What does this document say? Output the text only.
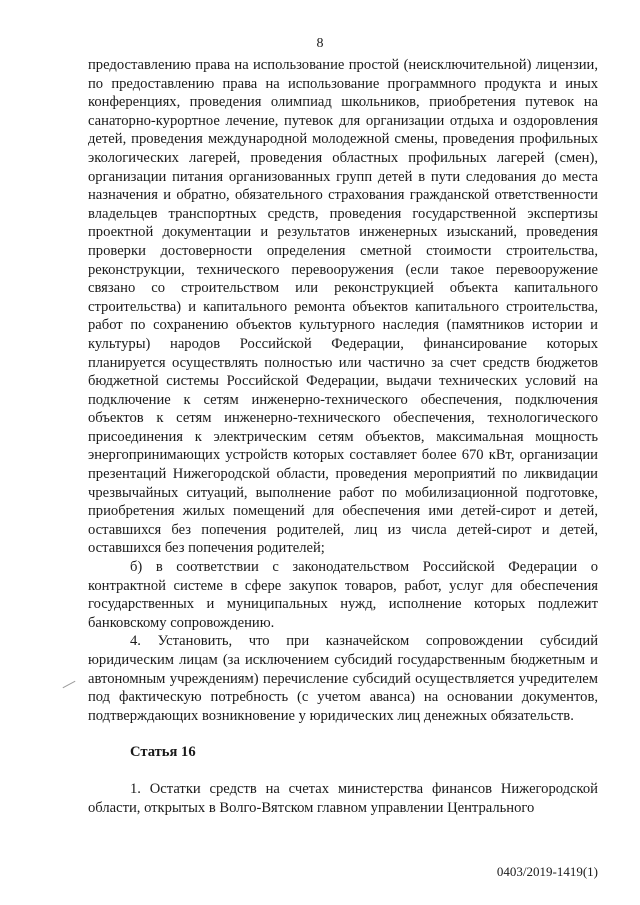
8

предоставлению права на использование простой (неисключительной) лицензии, по предоставлению права на использование программного продукта и иных конференциях, проведения олимпиад школьников, приобретения путевок на санаторно-курортное лечение, путевок для организации отдыха и оздоровления детей, проведения международной молодежной смены, проведения профильных экологических лагерей, проведения областных профильных лагерей (смен), организации питания организованных групп детей в пути следования до места назначения и обратно, обязательного страхования гражданской ответственности владельцев транспортных средств, проведения государственной экспертизы проектной документации и результатов инженерных изысканий, проведения проверки достоверности определения сметной стоимости строительства, реконструкции, технического перевооружения (если такое перевооружение связано со строительством или реконструкцией объекта капитального строительства) и капитального ремонта объектов капитального строительства, работ по сохранению объектов культурного наследия (памятников истории и культуры) народов Российской Федерации, финансирование которых планируется осуществлять полностью или частично за счет средств бюджетов бюджетной системы Российской Федерации, выдачи технических условий на подключение к сетям инженерно-технического обеспечения, подключения объектов к сетям инженерно-технического обеспечения, технологического присоединения к электрическим сетям объектов, максимальная мощность энергопринимающих устройств которых составляет более 670 кВт, организации презентаций Нижегородской области, проведения мероприятий по ликвидации чрезвычайных ситуаций, выполнение работ по мобилизационной подготовке, приобретения жилых помещений для обеспечения ими детей-сирот и детей, оставшихся без попечения родителей, лиц из числа детей-сирот и детей, оставшихся без попечения родителей;

б) в соответствии с законодательством Российской Федерации о контрактной системе в сфере закупок товаров, работ, услуг для обеспечения государственных и муниципальных нужд, исполнение которых подлежит банковскому сопровождению.

4. Установить, что при казначейском сопровождении субсидий юридическим лицам (за исключением субсидий государственным бюджетным и автономным учреждениям) перечисление субсидий осуществляется учредителем под фактическую потребность (с учетом аванса) на основании документов, подтверждающих возникновение у юридических лиц денежных обязательств.

Статья 16

1. Остатки средств на счетах министерства финансов Нижегородской области, открытых в Волго-Вятском главном управлении Центрального

0403/2019-1419(1)
